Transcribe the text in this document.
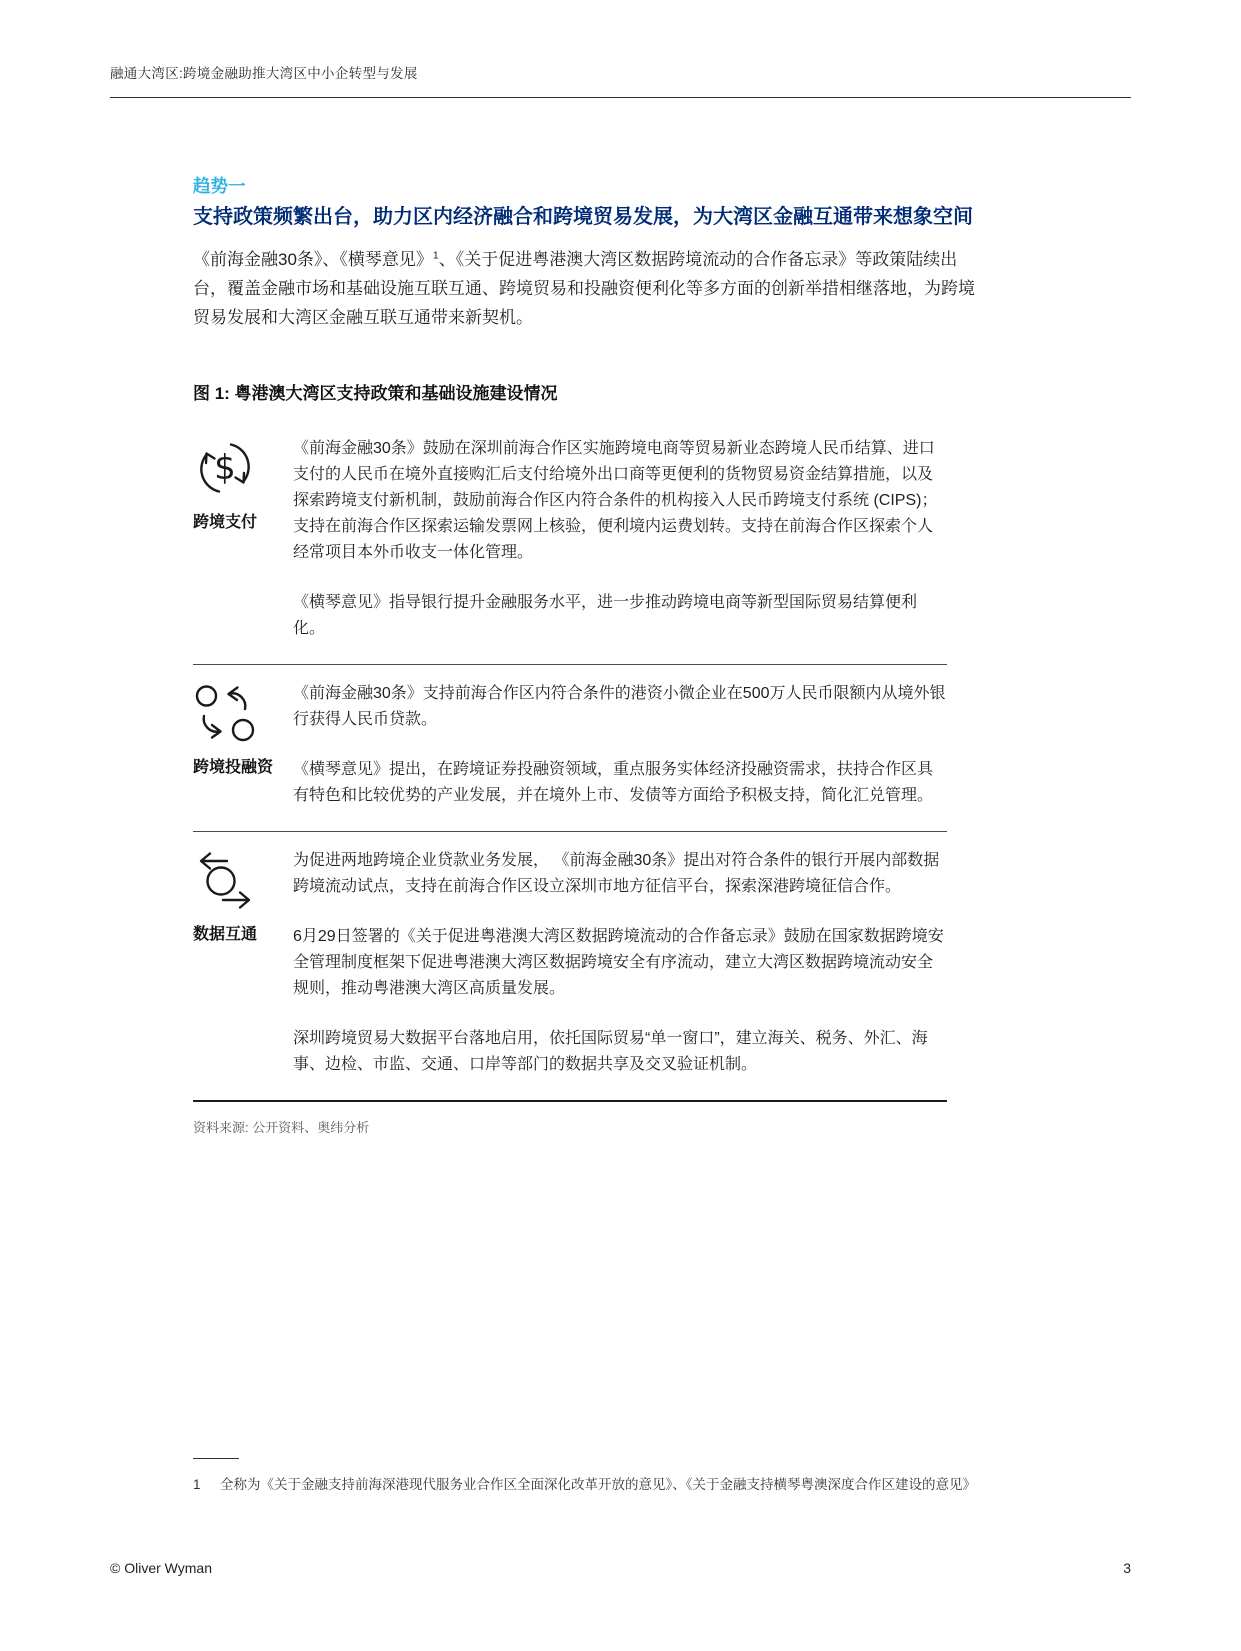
融通大湾区:跨境金融助推大湾区中小企转型与发展
趋势一
支持政策频繁出台，助力区内经济融合和跨境贸易发展，为大湾区金融互通带来想象空间

《前海金融30条》、《横琴意见》$^1$、《关于促进粤港澳大湾区数据跨境流动的合作备忘录》等政策陆续出台，覆盖金融市场和基础设施互联互通、跨境贸易和投融资便利化等多方面的创新举措相继落地，为跨境贸易发展和大湾区金融互联互通带来新契机。

图 1: 粤港澳大湾区支持政策和基础设施建设情况
$
跨境支付

《前海金融30条》鼓励在深圳前海合作区实施跨境电商等贸易新业态跨境人民币结算、进口支付的人民币在境外直接购汇后支付给境外出口商等更便利的货物贸易资金结算措施，以及探索跨境支付新机制，鼓励前海合作区内符合条件的机构接入人民币跨境支付系统 (CIPS)；支持在前海合作区探索运输发票网上核验，便利境内运费划转。支持在前海合作区探索个人经常项目本外币收支一体化管理。

《横琴意见》指导银行提升金融服务水平，进一步推动跨境电商等新型国际贸易结算便利化。

跨境投融资

《前海金融30条》支持前海合作区内符合条件的港资小微企业在500万人民币限额内从境外银行获得人民币贷款。

《横琴意见》提出，在跨境证券投融资领域，重点服务实体经济投融资需求，扶持合作区具有特色和比较优势的产业发展，并在境外上市、发债等方面给予积极支持，简化汇兑管理。

数据互通

为促进两地跨境企业贷款业务发展， 《前海金融30条》提出对符合条件的银行开展内部数据跨境流动试点，支持在前海合作区设立深圳市地方征信平台，探索深港跨境征信合作。

6月29日签署的《关于促进粤港澳大湾区数据跨境流动的合作备忘录》鼓励在国家数据跨境安全管理制度框架下促进粤港澳大湾区数据跨境安全有序流动，建立大湾区数据跨境流动安全规则，推动粤港澳大湾区高质量发展。

深圳跨境贸易大数据平台落地启用，依托国际贸易“单一窗口”，建立海关、税务、外汇、海事、边检、市监、交通、口岸等部门的数据共享及交叉验证机制。

资料来源: 公开资料、奥纬分析
1	全称为《关于金融支持前海深港现代服务业合作区全面深化改革开放的意见》、《关于金融支持横琴粤澳深度合作区建设的意见》
© Oliver Wyman	3
